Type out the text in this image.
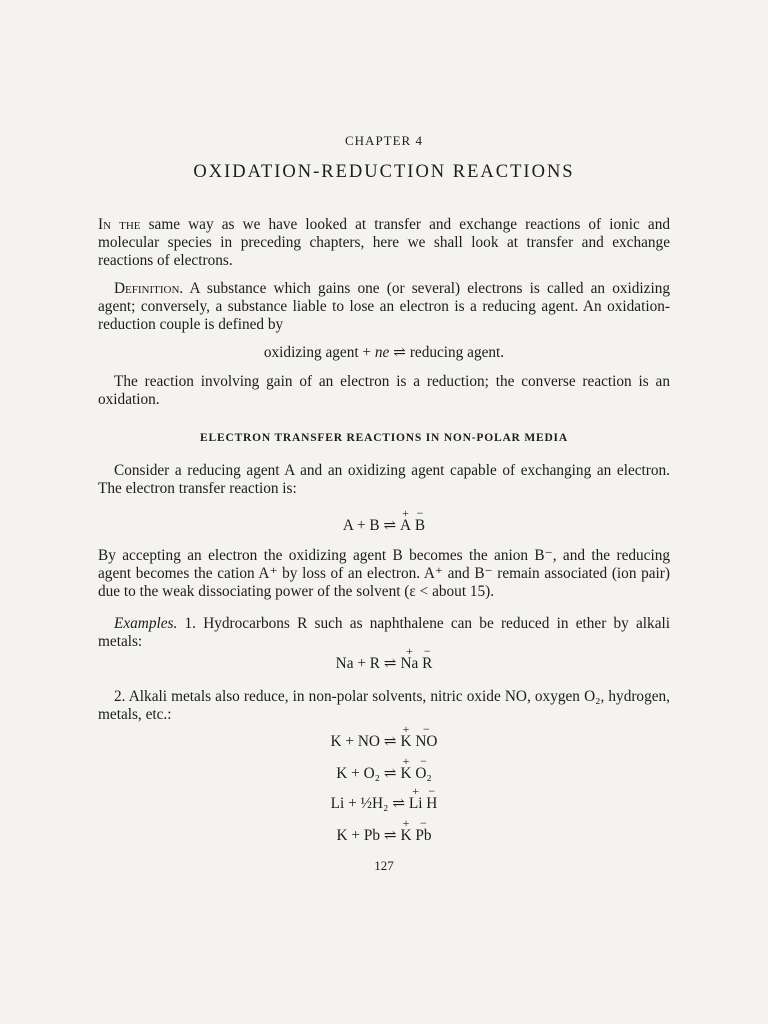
CHAPTER 4
OXIDATION-REDUCTION REACTIONS
In the same way as we have looked at transfer and exchange reactions of ionic and molecular species in preceding chapters, here we shall look at transfer and exchange reactions of electrons.
Definition. A substance which gains one (or several) electrons is called an oxidizing agent; conversely, a substance liable to lose an electron is a reducing agent. An oxidation-reduction couple is defined by
oxidizing agent + ne ⇌ reducing agent.
The reaction involving gain of an electron is a reduction; the converse reaction is an oxidation.
ELECTRON TRANSFER REACTIONS IN NON-POLAR MEDIA
Consider a reducing agent A and an oxidizing agent capable of exchanging an electron. The electron transfer reaction is:
A + B ⇌
+
A
−
B
By accepting an electron the oxidizing agent B becomes the anion B⁻, and the reducing agent becomes the cation A⁺ by loss of an electron. A⁺ and B⁻ remain associated (ion pair) due to the weak dissociating power of the solvent (ε < about 15).
Examples. 1. Hydrocarbons R such as naphthalene can be reduced in ether by alkali metals:
Na + R ⇌
+
Na
−
R
2. Alkali metals also reduce, in non-polar solvents, nitric oxide NO, oxygen O₂, hydrogen, metals, etc.:
K + NO ⇌
+
K
−
NO
K + O₂ ⇌
+
K
−
O₂
Li + ½H₂ ⇌
+
Li
−
H
K + Pb ⇌
+
K
−
Pb
127
